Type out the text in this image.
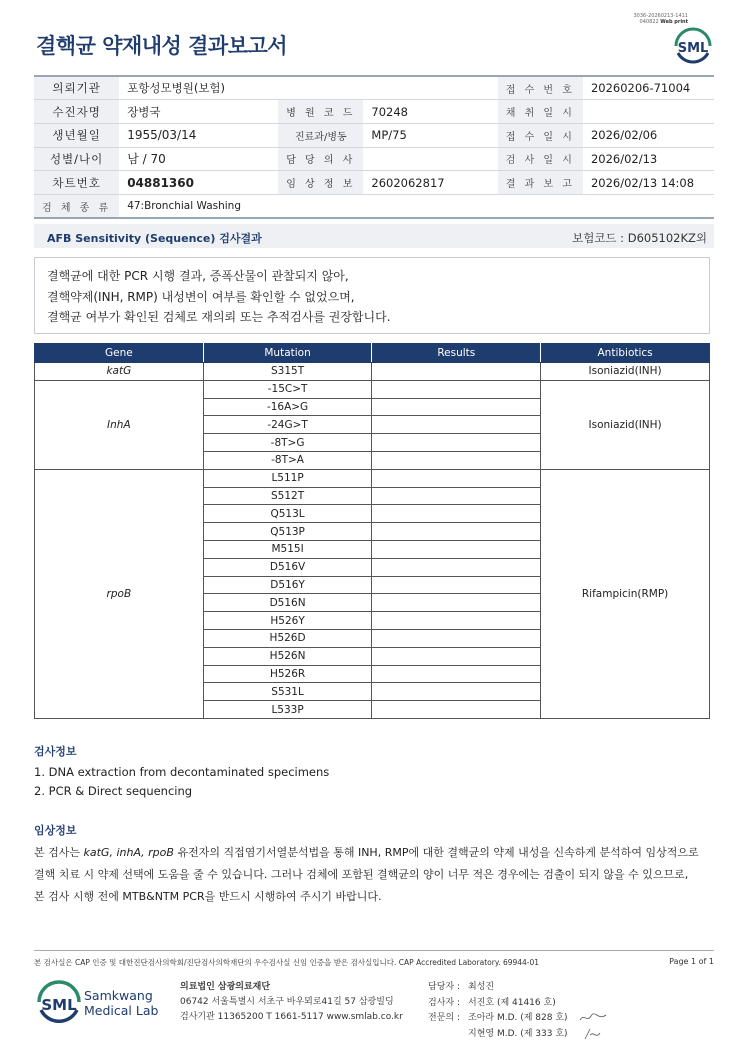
결핵균 약재내성 결과보고서
3036-20260213-1411
040822 Web print
SML
의뢰기관	포항성모병원(보험)			접 수 번 호	20260206-71004
수진자명	장병국	병 원 코 드	70248	채 취 일 시	
생년월일	1955/03/14	진료과/병동	MP/75	접 수 일 시	2026/02/06
성별/나이	남 / 70	담 당 의 사		검 사 일 시	2026/02/13
차트번호	04881360	임 상 정 보	2602062817	결 과 보 고	2026/02/13 14:08
검 체 종 류	47:Bronchial Washing				
AFB Sensitivity (Sequence) 검사결과	보험코드 : D605102KZ외
결핵균에 대한 PCR 시행 결과, 증폭산물이 관찰되지 않아,
결핵약제(INH, RMP) 내성변이 여부를 확인할 수 없었으며,
결핵균 여부가 확인된 검체로 재의뢰 또는 추적검사를 권장합니다.
Gene	Mutation	Results	Antibiotics
katG	S315T		Isoniazid(INH)
InhA	-15C>T		Isoniazid(INH)
	-16A>G		
	-24G>T		
	-8T>G		
	-8T>A		
rpoB	L511P		Rifampicin(RMP)
	S512T		
	Q513L		
	Q513P		
	M515I		
	D516V		
	D516Y		
	D516N		
	H526Y		
	H526D		
	H526N		
	H526R		
	S531L		
	L533P		
검사정보
1. DNA extraction from decontaminated specimens
2. PCR & Direct sequencing
임상정보
본 검사는 katG, inhA, rpoB 유전자의 직접염기서열분석법을 통해 INH, RMP에 대한 결핵균의 약제 내성을 신속하게 분석하여 임상적으로
결핵 치료 시 약제 선택에 도움을 줄 수 있습니다. 그러나 검체에 포함된 결핵균의 양이 너무 적은 경우에는 검출이 되지 않을 수 있으므로,
본 검사 시행 전에 MTB&NTM PCR을 반드시 시행하여 주시기 바랍니다.
본 검사실은 CAP 인증 및 대한진단검사의학회/진단검사의학재단의 우수검사실 신임 인증을 받은 검사실입니다. CAP Accredited Laboratory. 69944-01	Page 1 of 1
SML
Samkwang
Medical Lab
의료법인 삼광의료재단
06742 서울특별시 서초구 바우뫼로41길 57 삼광빌딩
검사기관 11365200 T 1661-5117 www.smlab.co.kr
담당자 : 최성진
검사자 : 서진호 (제 41416 호)
전문의 : 조아라 M.D. (제 828 호)
지현영 M.D. (제 333 호)
